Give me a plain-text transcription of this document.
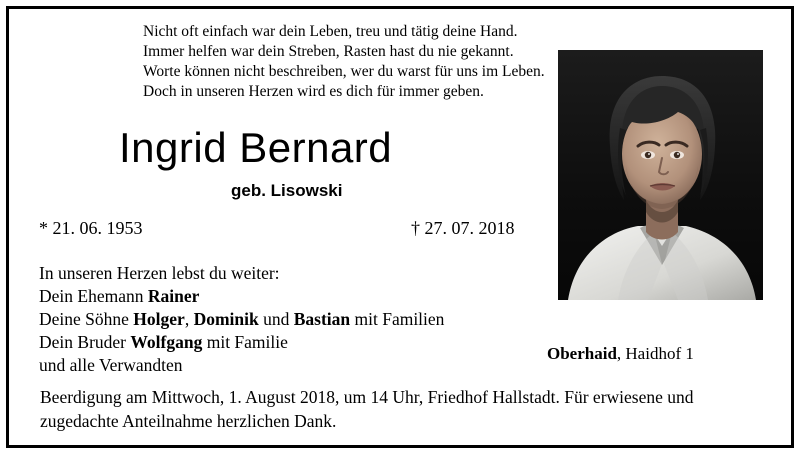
Nicht oft einfach war dein Leben, treu und tätig deine Hand.
Immer helfen war dein Streben, Rasten hast du nie gekannt.
Worte können nicht beschreiben, wer du warst für uns im Leben.
Doch in unseren Herzen wird es dich für immer geben.
Ingrid Bernard
geb. Lisowski
* 21. 06. 1953	† 27. 07. 2018
In unseren Herzen lebst du weiter:
Dein Ehemann Rainer
Deine Söhne Holger, Dominik und Bastian mit Familien
Dein Bruder Wolfgang mit Familie
und alle Verwandten
Oberhaid, Haidhof 1
Beerdigung am Mittwoch, 1. August 2018, um 14 Uhr, Friedhof Hallstadt. Für erwiesene und
zugedachte Anteilnahme herzlichen Dank.
